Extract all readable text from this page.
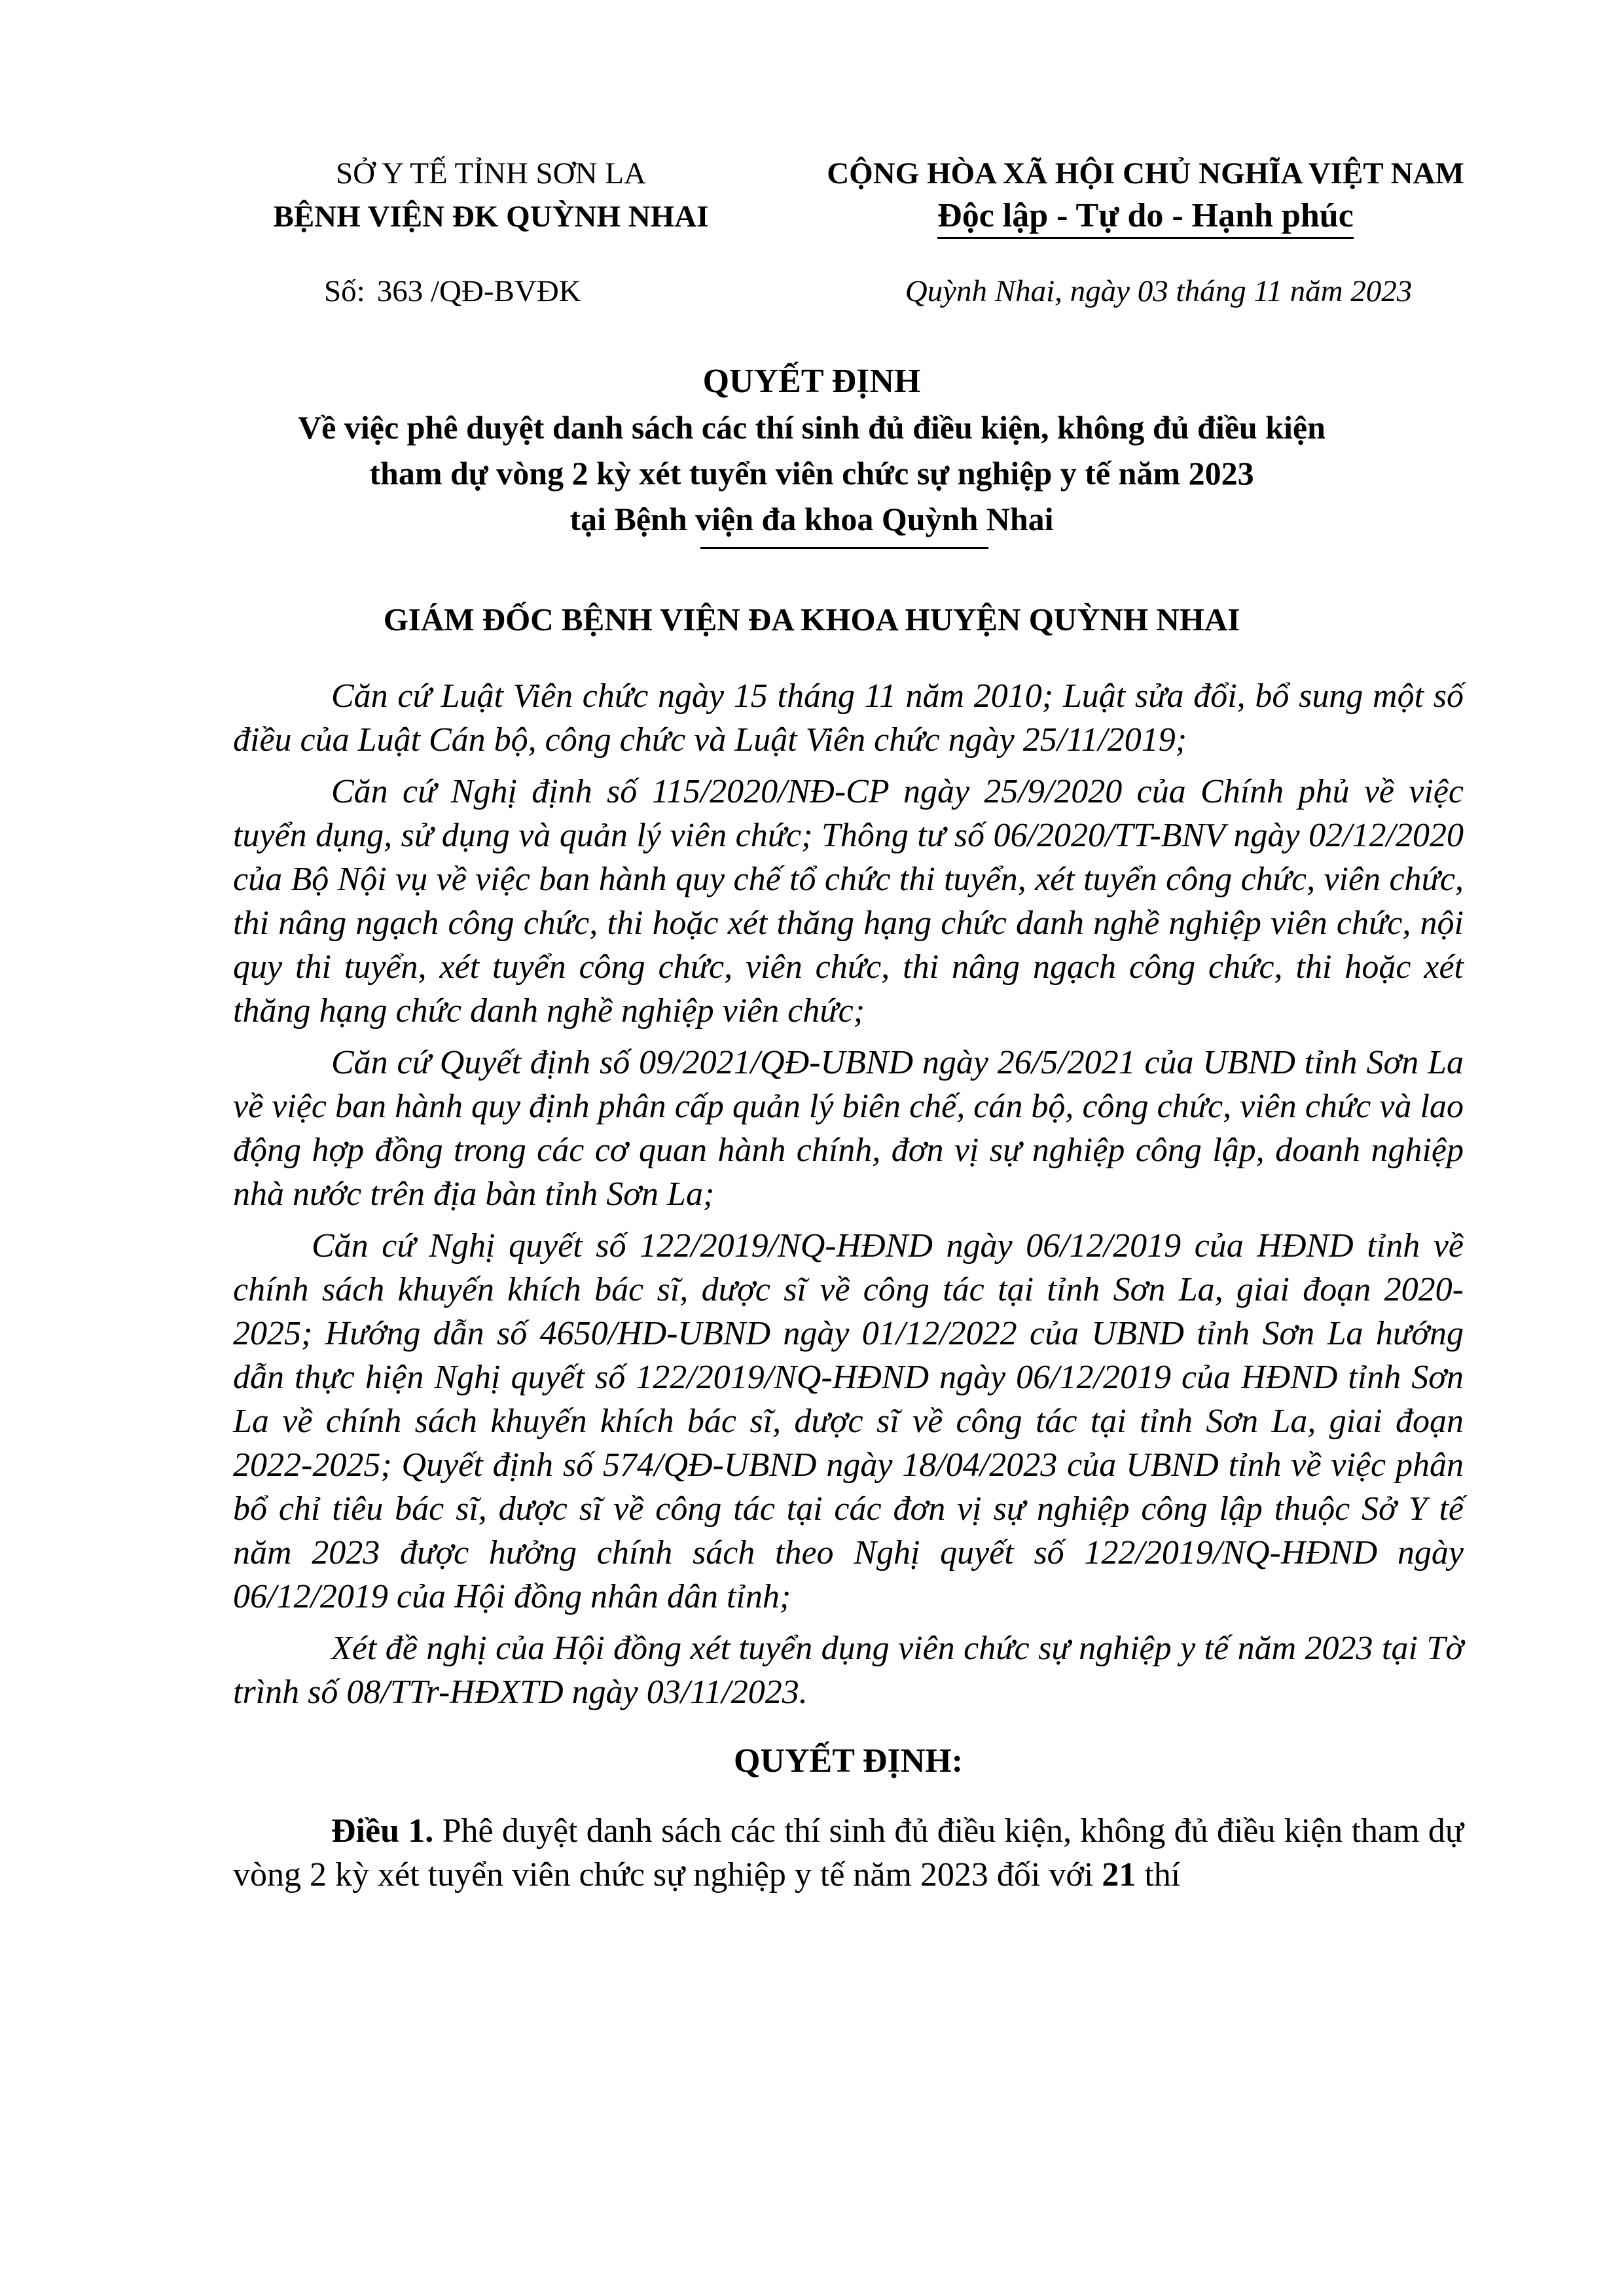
SỞ Y TẾ TỈNH SƠN LA
BỆNH VIỆN ĐK QUỲNH NHAI
CỘNG HÒA XÃ HỘI CHỦ NGHĨA VIỆT NAM
Độc lập - Tự do - Hạnh phúc
Số: 363 /QĐ-BVĐK	Quỳnh Nhai, ngày 03 tháng 11 năm 2023
QUYẾT ĐỊNH
Về việc phê duyệt danh sách các thí sinh đủ điều kiện, không đủ điều kiện
tham dự vòng 2 kỳ xét tuyển viên chức sự nghiệp y tế năm 2023
tại Bệnh viện đa khoa Quỳnh Nhai
GIÁM ĐỐC BỆNH VIỆN ĐA KHOA HUYỆN QUỲNH NHAI

Căn cứ Luật Viên chức ngày 15 tháng 11 năm 2010; Luật sửa đổi, bổ sung một số điều của Luật Cán bộ, công chức và Luật Viên chức ngày 25/11/2019;

Căn cứ Nghị định số 115/2020/NĐ-CP ngày 25/9/2020 của Chính phủ về việc tuyển dụng, sử dụng và quản lý viên chức; Thông tư số 06/2020/TT-BNV ngày 02/12/2020 của Bộ Nội vụ về việc ban hành quy chế tổ chức thi tuyển, xét tuyển công chức, viên chức, thi nâng ngạch công chức, thi hoặc xét thăng hạng chức danh nghề nghiệp viên chức, nội quy thi tuyển, xét tuyển công chức, viên chức, thi nâng ngạch công chức, thi hoặc xét thăng hạng chức danh nghề nghiệp viên chức;

Căn cứ Quyết định số 09/2021/QĐ-UBND ngày 26/5/2021 của UBND tỉnh Sơn La về việc ban hành quy định phân cấp quản lý biên chế, cán bộ, công chức, viên chức và lao động hợp đồng trong các cơ quan hành chính, đơn vị sự nghiệp công lập, doanh nghiệp nhà nước trên địa bàn tỉnh Sơn La;

Căn cứ Nghị quyết số 122/2019/NQ-HĐND ngày 06/12/2019 của HĐND tỉnh về chính sách khuyến khích bác sĩ, dược sĩ về công tác tại tỉnh Sơn La, giai đoạn 2020- 2025; Hướng dẫn số 4650/HD-UBND ngày 01/12/2022 của UBND tỉnh Sơn La hướng dẫn thực hiện Nghị quyết số 122/2019/NQ-HĐND ngày 06/12/2019 của HĐND tỉnh Sơn La về chính sách khuyến khích bác sĩ, dược sĩ về công tác tại tỉnh Sơn La, giai đoạn 2022-2025; Quyết định số 574/QĐ-UBND ngày 18/04/2023 của UBND tỉnh về việc phân bổ chỉ tiêu bác sĩ, dược sĩ về công tác tại các đơn vị sự nghiệp công lập thuộc Sở Y tế năm 2023 được hưởng chính sách theo Nghị quyết số 122/2019/NQ-HĐND ngày 06/12/2019 của Hội đồng nhân dân tỉnh;

Xét đề nghị của Hội đồng xét tuyển dụng viên chức sự nghiệp y tế năm 2023 tại Tờ trình số 08/TTr-HĐXTD ngày 03/11/2023.

QUYẾT ĐỊNH:

Điều 1. Phê duyệt danh sách các thí sinh đủ điều kiện, không đủ điều kiện tham dự vòng 2 kỳ xét tuyển viên chức sự nghiệp y tế năm 2023 đối với 21 thí
